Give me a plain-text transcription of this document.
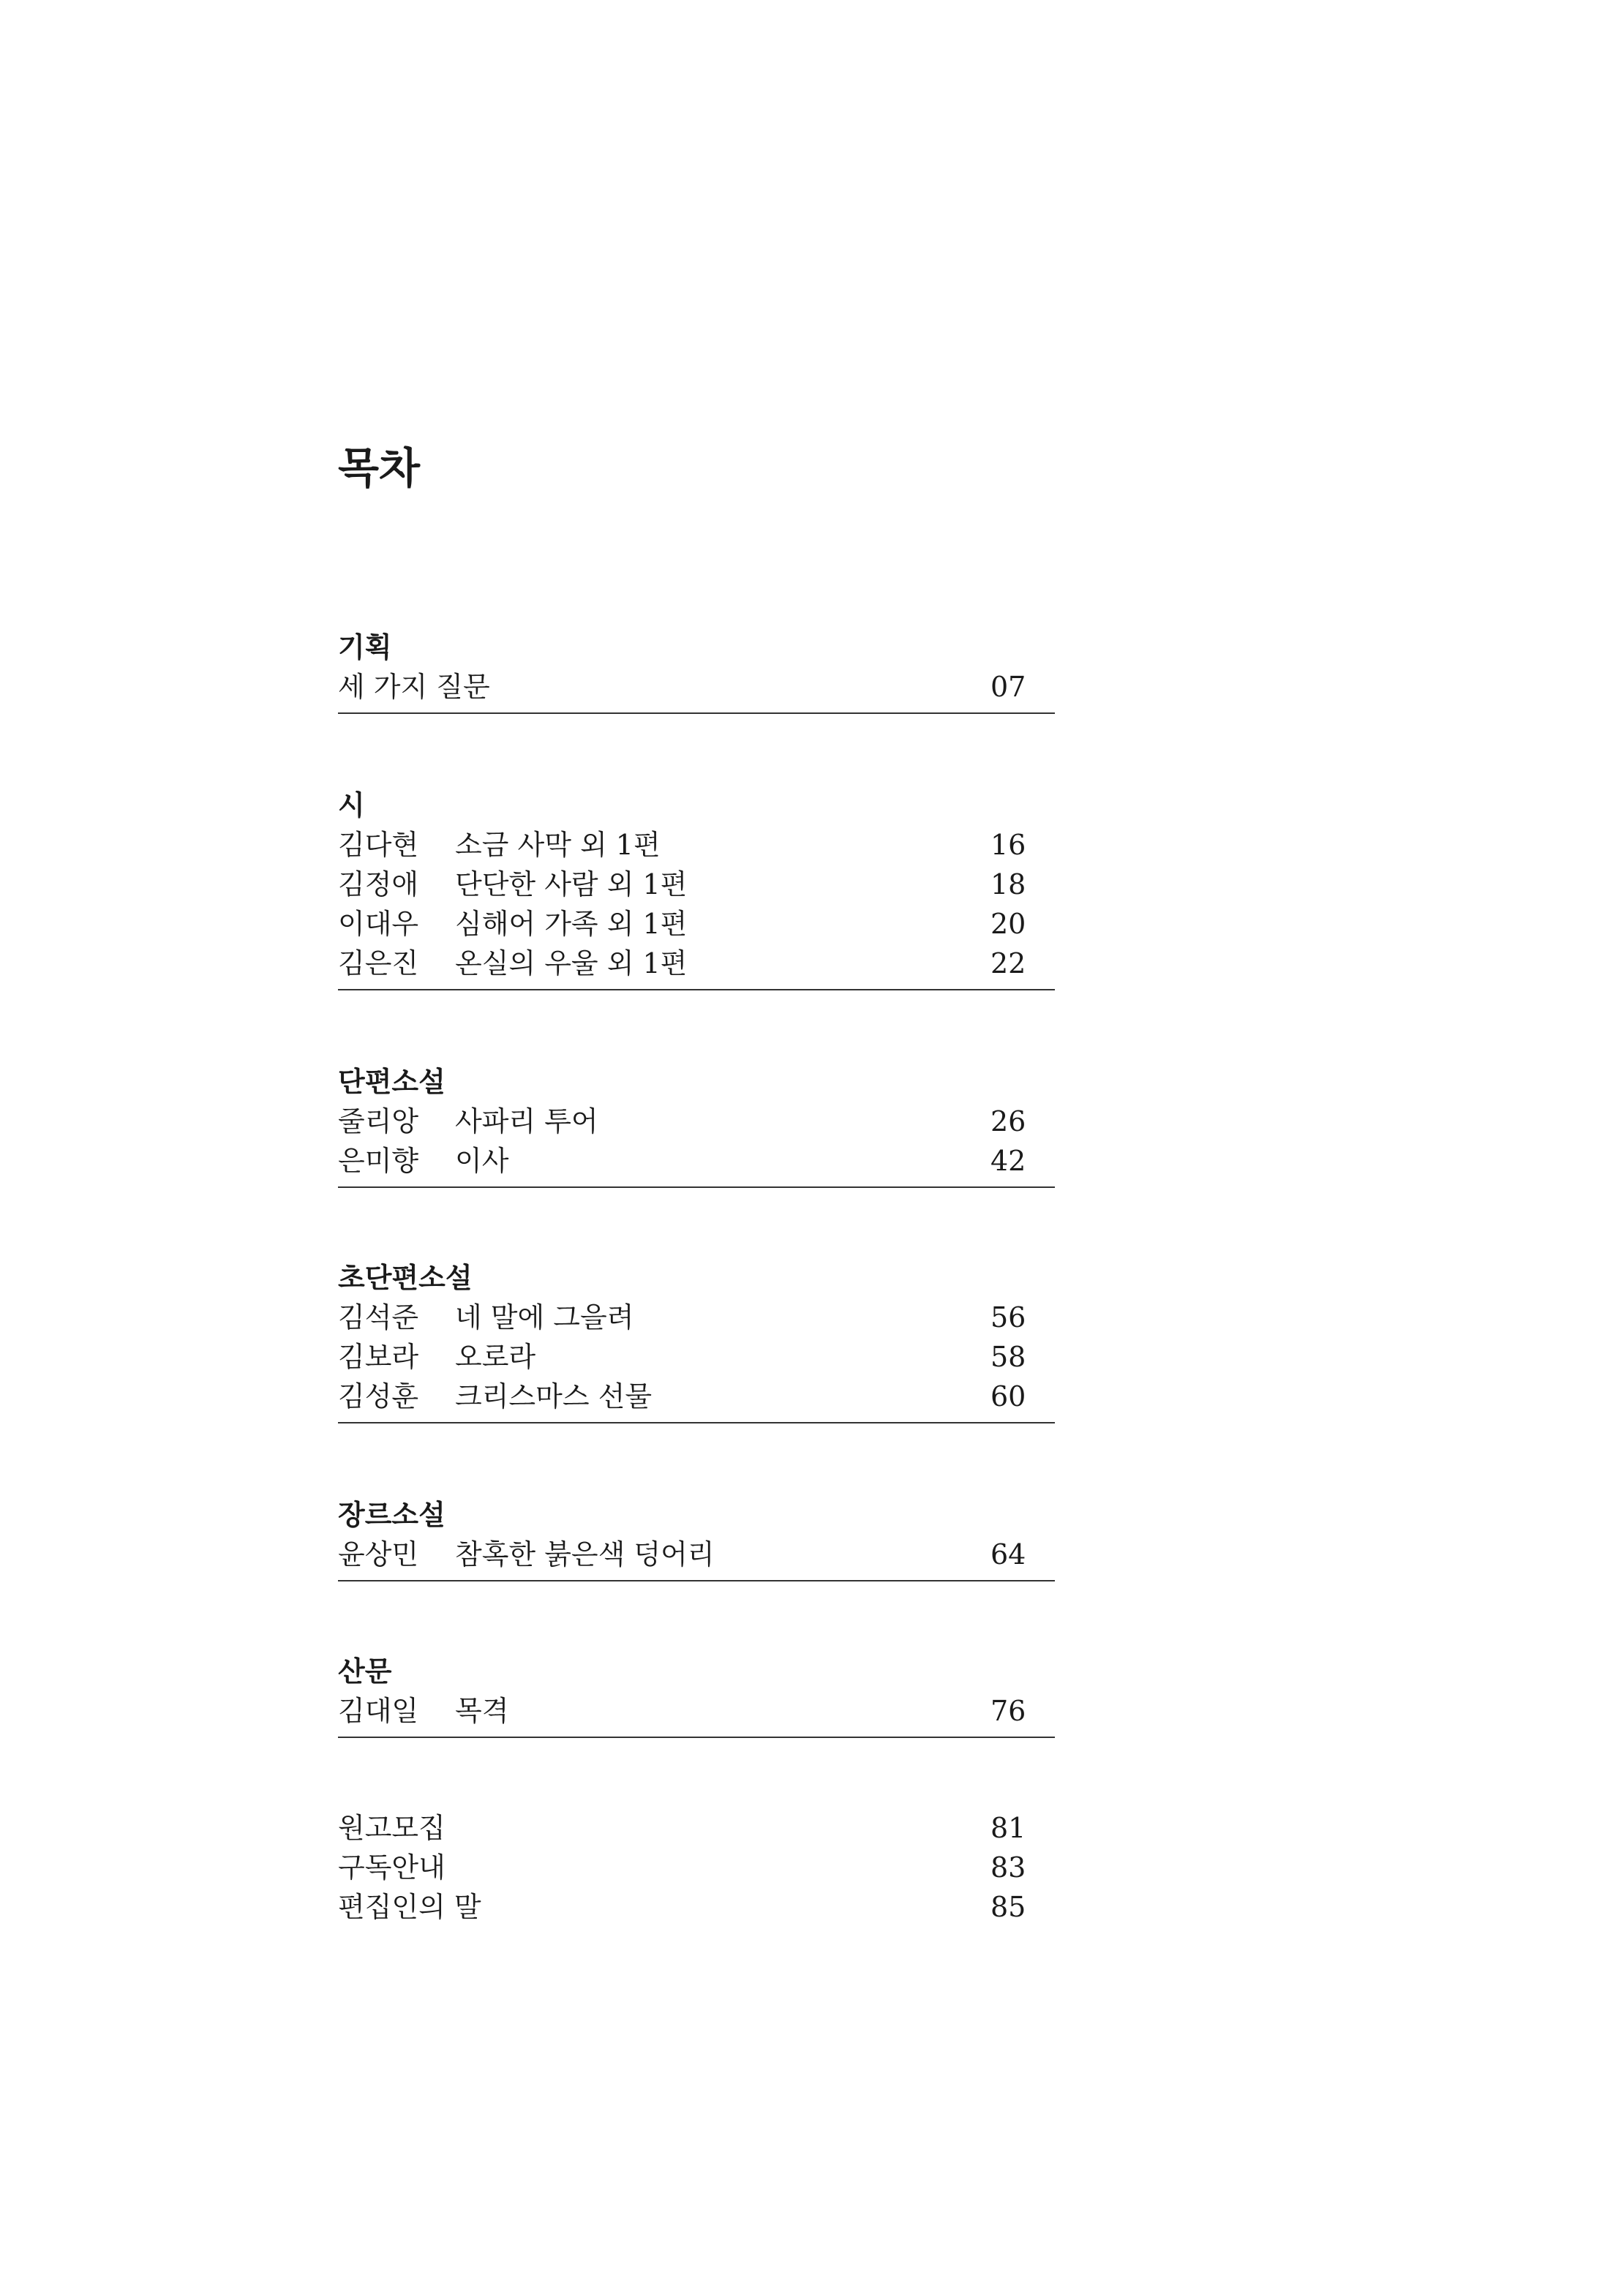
목차
기획
세 가지 질문	07
시
김다현	소금 사막 외 1편	16
김정애	단단한 사람 외 1편	18
이대우	심해어 가족 외 1편	20
김은진	온실의 우울 외 1편	22
단편소설
줄리앙	사파리 투어	26
은미향	이사	42
초단편소설
김석준	네 말에 그을려	56
김보라	오로라	58
김성훈	크리스마스 선물	60
장르소설
윤상민	참혹한 붉은색 덩어리	64
산문
김대일	목격	76
원고모집	81
구독안내	83
편집인의 말	85
